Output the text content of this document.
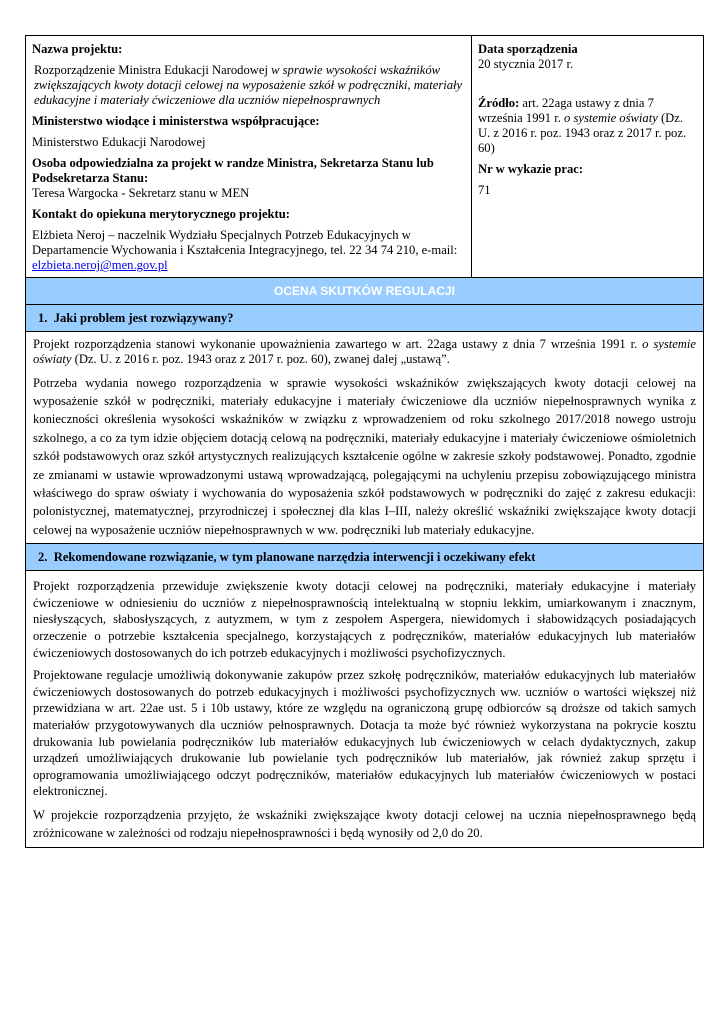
Nazwa projektu:
Rozporządzenie Ministra Edukacji Narodowej w sprawie wysokości wskaźników zwiększających kwoty dotacji celowej na wyposażenie szkół w podręczniki, materiały edukacyjne i materiały ćwiczeniowe dla uczniów niepełnosprawnych
Ministerstwo wiodące i ministerstwa współpracujące:
Ministerstwo Edukacji Narodowej
Osoba odpowiedzialna za projekt w randze Ministra, Sekretarza Stanu lub Podsekretarza Stanu:
Teresa Wargocka - Sekretarz stanu w MEN
Kontakt do opiekuna merytorycznego projektu:
Elżbieta Neroj – naczelnik Wydziału Specjalnych Potrzeb Edukacyjnych w Departamencie Wychowania i Kształcenia Integracyjnego, tel. 22 34 74 210, e-mail: elzbieta.neroj@men.gov.pl

Data sporządzenia
20 stycznia 2017 r.
Źródło: art. 22aga ustawy z dnia 7 września 1991 r. o systemie oświaty (Dz. U. z 2016 r. poz. 1943 oraz z 2017 r. poz. 60)
Nr w wykazie prac:
71

OCENA SKUTKÓW REGULACJI
1.  Jaki problem jest rozwiązywany?

Projekt rozporządzenia stanowi wykonanie upoważnienia zawartego w art. 22aga ustawy z dnia 7 września 1991 r. o systemie oświaty (Dz. U. z 2016 r. poz. 1943 oraz z 2017 r. poz. 60), zwanej dalej „ustawą”.

Potrzeba wydania nowego rozporządzenia w sprawie wysokości wskaźników zwiększających kwoty dotacji celowej na wyposażenie szkół w podręczniki, materiały edukacyjne i materiały ćwiczeniowe dla uczniów niepełnosprawnych wynika z konieczności określenia wysokości wskaźników w związku z wprowadzeniem od roku szkolnego 2017/2018 nowego ustroju szkolnego, a co za tym idzie objęciem dotacją celową na podręczniki, materiały edukacyjne i materiały ćwiczeniowe ośmioletnich szkół podstawowych oraz szkół artystycznych realizujących kształcenie ogólne w zakresie szkoły podstawowej. Ponadto, zgodnie ze zmianami w ustawie wprowadzonymi ustawą wprowadzającą, polegającymi na uchyleniu przepisu zobowiązującego ministra właściwego do spraw oświaty i wychowania do wyposażenia szkół podstawowych w podręczniki do zajęć z zakresu edukacji: polonistycznej, matematycznej, przyrodniczej i społecznej dla klas I–III, należy określić wskaźniki zwiększające kwoty dotacji celowej na wyposażenie uczniów niepełnosprawnych w ww. podręczniki lub materiały edukacyjne.

2.  Rekomendowane rozwiązanie, w tym planowane narzędzia interwencji i oczekiwany efekt

Projekt rozporządzenia przewiduje zwiększenie kwoty dotacji celowej na podręczniki, materiały edukacyjne i materiały ćwiczeniowe w odniesieniu do uczniów z niepełnosprawnością intelektualną w stopniu lekkim, umiarkowanym i znacznym, niesłyszących, słabosłyszących, z autyzmem, w tym z zespołem Aspergera, niewidomych i słabowidzących posiadających orzeczenie o potrzebie kształcenia specjalnego, korzystających z podręczników, materiałów edukacyjnych lub materiałów ćwiczeniowych dostosowanych do ich potrzeb edukacyjnych i możliwości psychofizycznych.

Projektowane regulacje umożliwią dokonywanie zakupów przez szkołę podręczników, materiałów edukacyjnych lub materiałów ćwiczeniowych dostosowanych do potrzeb edukacyjnych i możliwości psychofizycznych ww. uczniów o wartości większej niż przewidziana w art. 22ae ust. 5 i 10b ustawy, które ze względu na ograniczoną grupę odbiorców są droższe od takich samych materiałów przygotowywanych dla uczniów pełnosprawnych. Dotacja ta może być również wykorzystana na pokrycie kosztu drukowania lub powielania podręczników lub materiałów edukacyjnych lub ćwiczeniowych w celach dydaktycznych, zakup urządzeń umożliwiających drukowanie lub powielanie tych podręczników lub materiałów, jak również zakup sprzętu i oprogramowania umożliwiającego odczyt podręczników, materiałów edukacyjnych lub materiałów ćwiczeniowych w postaci elektronicznej.

W projekcie rozporządzenia przyjęto, że wskaźniki zwiększające kwoty dotacji celowej na ucznia niepełnosprawnego będą zróżnicowane w zależności od rodzaju niepełnosprawności i będą wynosiły od 2,0 do 20.
